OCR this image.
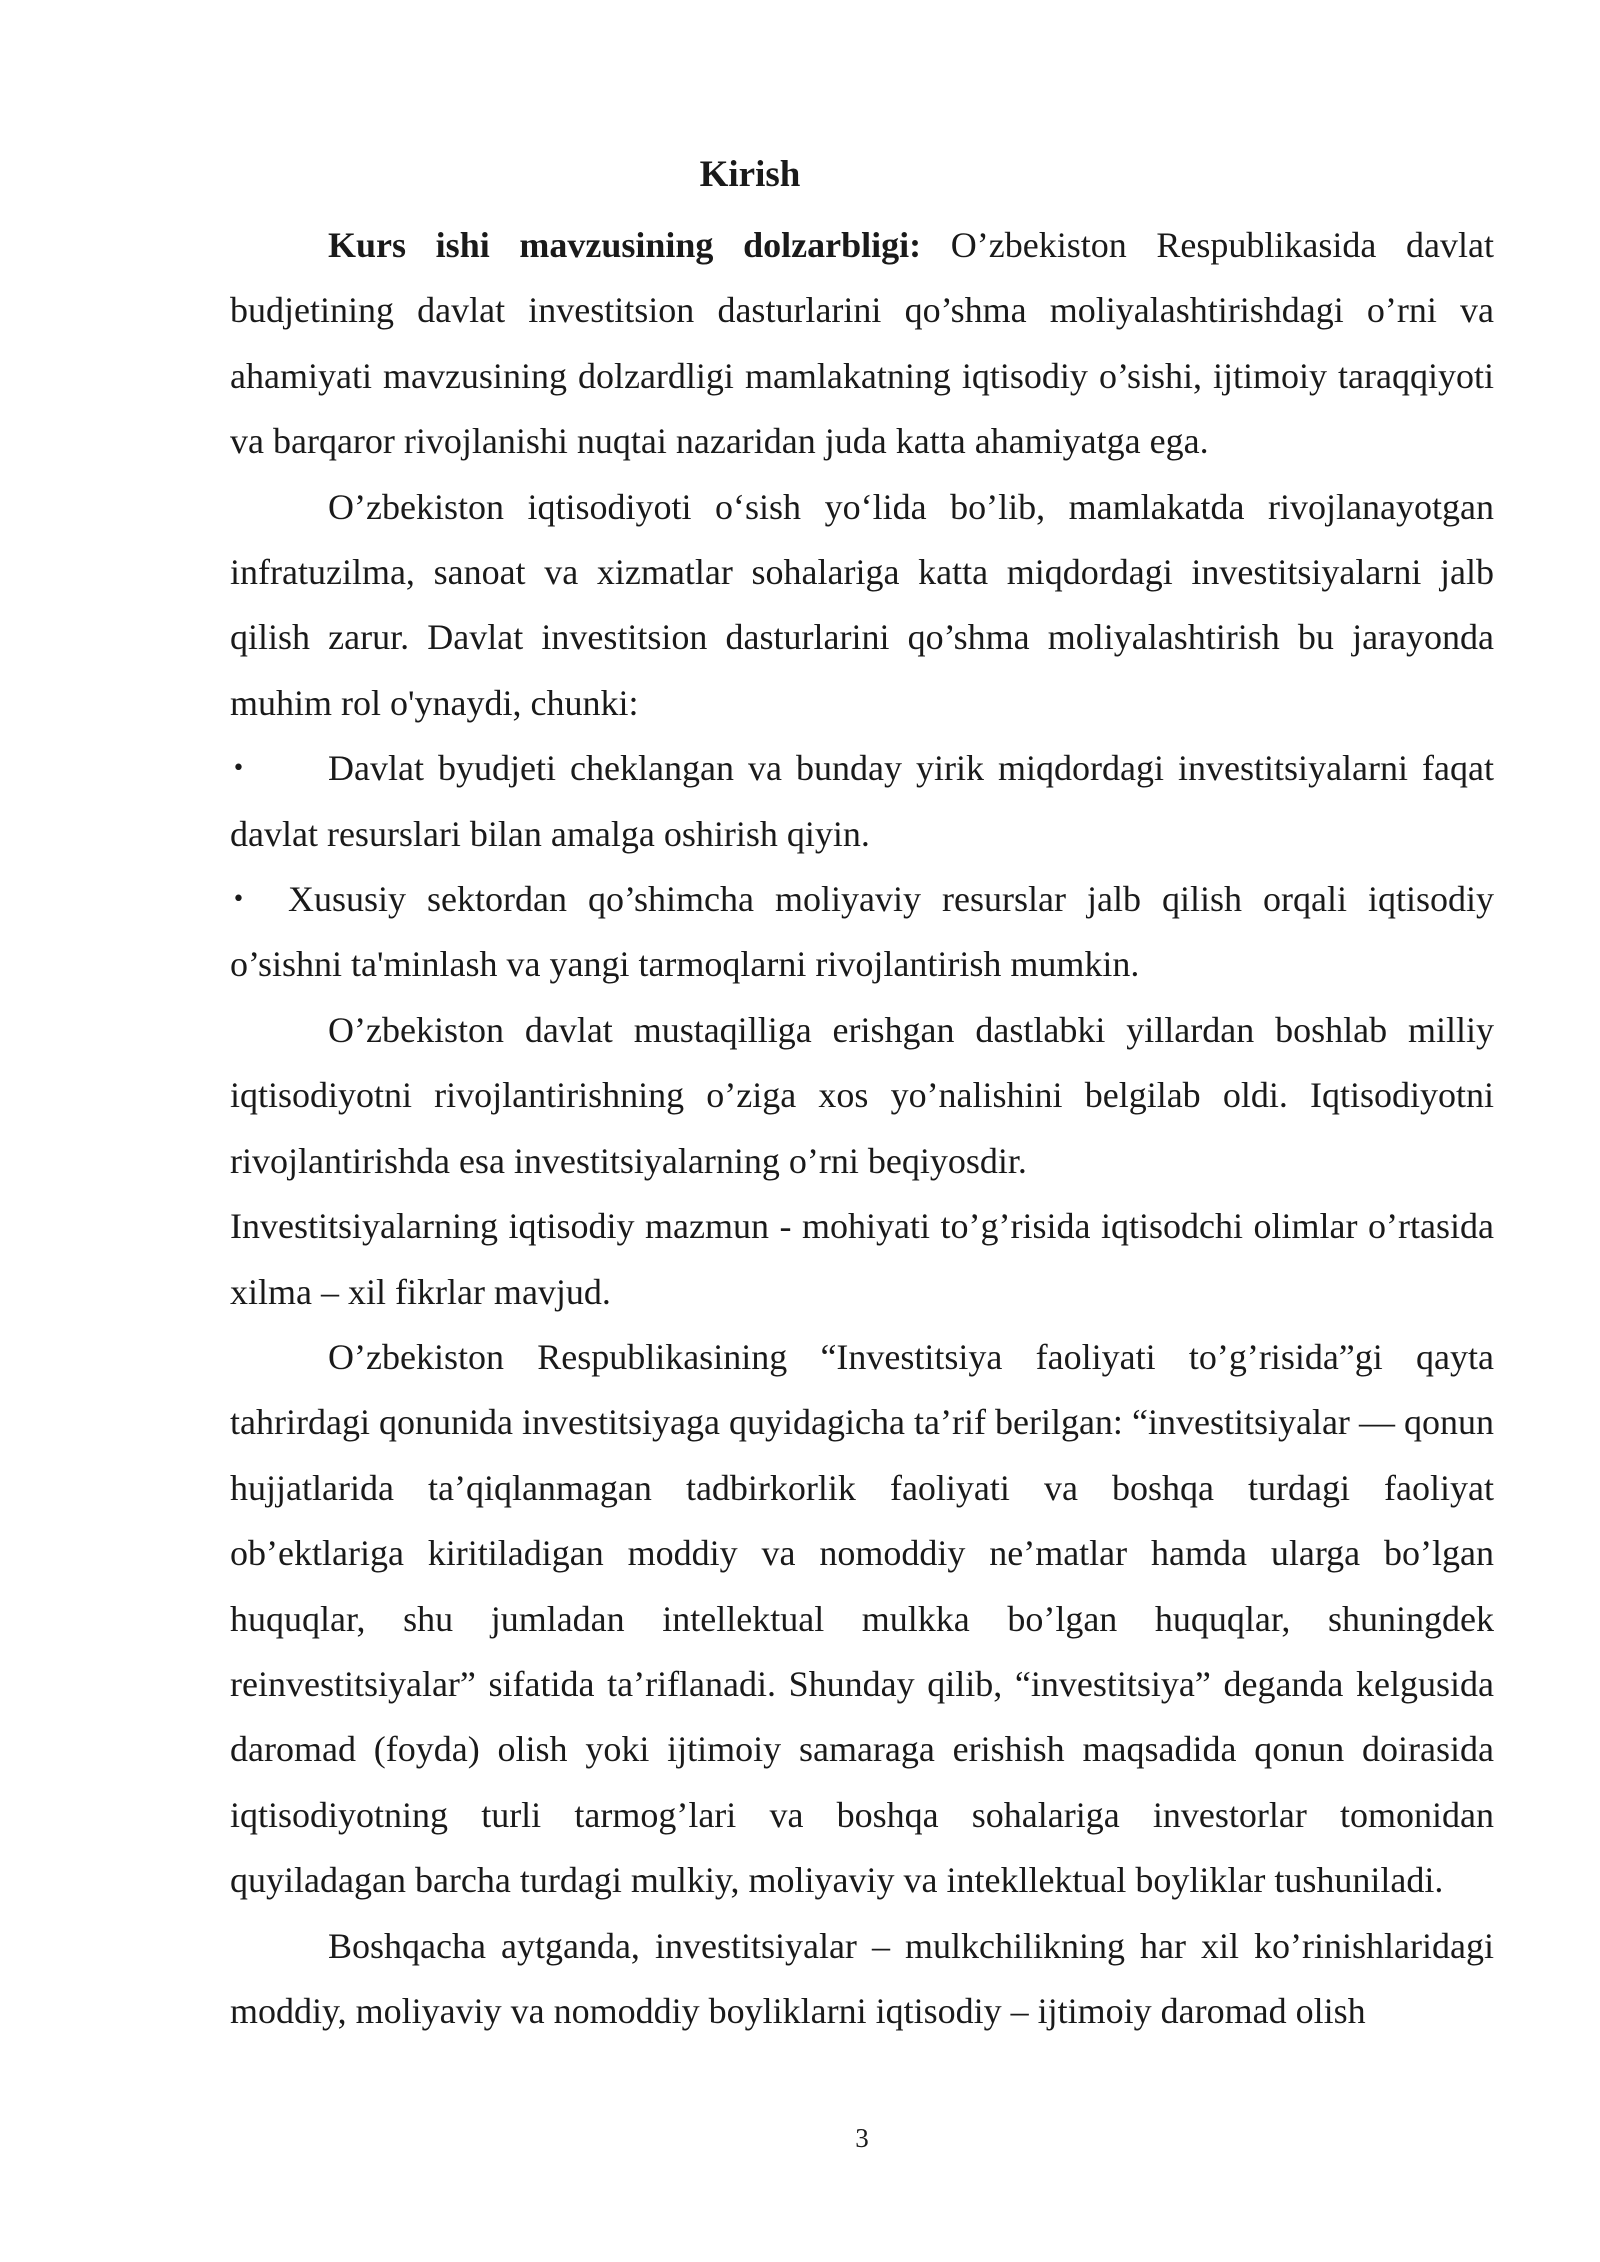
Kirish

Kurs ishi mavzusining dolzarbligi: O’zbekiston Respublikasida davlat budjetining davlat investitsion dasturlarini qo’shma moliyalashtirishdagi o’rni va ahamiyati mavzusining dolzardligi mamlakatning iqtisodiy o’sishi, ijtimoiy taraqqiyoti va barqaror rivojlanishi nuqtai nazaridan juda katta ahamiyatga ega.

O’zbekiston iqtisodiyoti o‘sish yo‘lida bo’lib, mamlakatda rivojlanayotgan infratuzilma, sanoat va xizmatlar sohalariga katta miqdordagi investitsiyalarni jalb qilish zarur. Davlat investitsion dasturlarini qo’shma moliyalashtirish bu jarayonda muhim rol o'ynaydi, chunki:

• Davlat byudjeti cheklangan va bunday yirik miqdordagi investitsiyalarni faqat davlat resurslari bilan amalga oshirish qiyin.

• Xususiy sektordan qo’shimcha moliyaviy resurslar jalb qilish orqali iqtisodiy o’sishni ta'minlash va yangi tarmoqlarni rivojlantirish mumkin.

O’zbekiston davlat mustaqilliga erishgan dastlabki yillardan boshlab milliy iqtisodiyotni rivojlantirishning o’ziga xos yo’nalishini belgilab oldi. Iqtisodiyotni rivojlantirishda esa investitsiyalarning o’rni beqiyosdir.

Investitsiyalarning iqtisodiy mazmun - mohiyati to’g’risida iqtisodchi olimlar o’rtasida xilma – xil fikrlar mavjud.

O’zbekiston Respublikasining “Investitsiya faoliyati to’g’risida”gi qayta tahrirdagi qonunida investitsiyaga quyidagicha ta’rif berilgan: “investitsiyalar — qonun hujjatlarida ta’qiqlanmagan tadbirkorlik faoliyati va boshqa turdagi faoliyat ob’ektlariga kiritiladigan moddiy va nomoddiy ne’matlar hamda ularga bo’lgan huquqlar, shu jumladan intellektual mulkka bo’lgan huquqlar, shuningdek reinvestitsiyalar” sifatida ta’riflanadi. Shunday qilib, “investitsiya” deganda kelgusida daromad (foyda) olish yoki ijtimoiy samaraga erishish maqsadida qonun doirasida iqtisodiyotning turli tarmog’lari va boshqa sohalariga investorlar tomonidan quyiladagan barcha turdagi mulkiy, moliyaviy va intekllektual boyliklar tushuniladi.

Boshqacha aytganda, investitsiyalar – mulkchilikning har xil ko’rinishlaridagi moddiy, moliyaviy va nomoddiy boyliklarni iqtisodiy – ijtimoiy daromad olish

3
